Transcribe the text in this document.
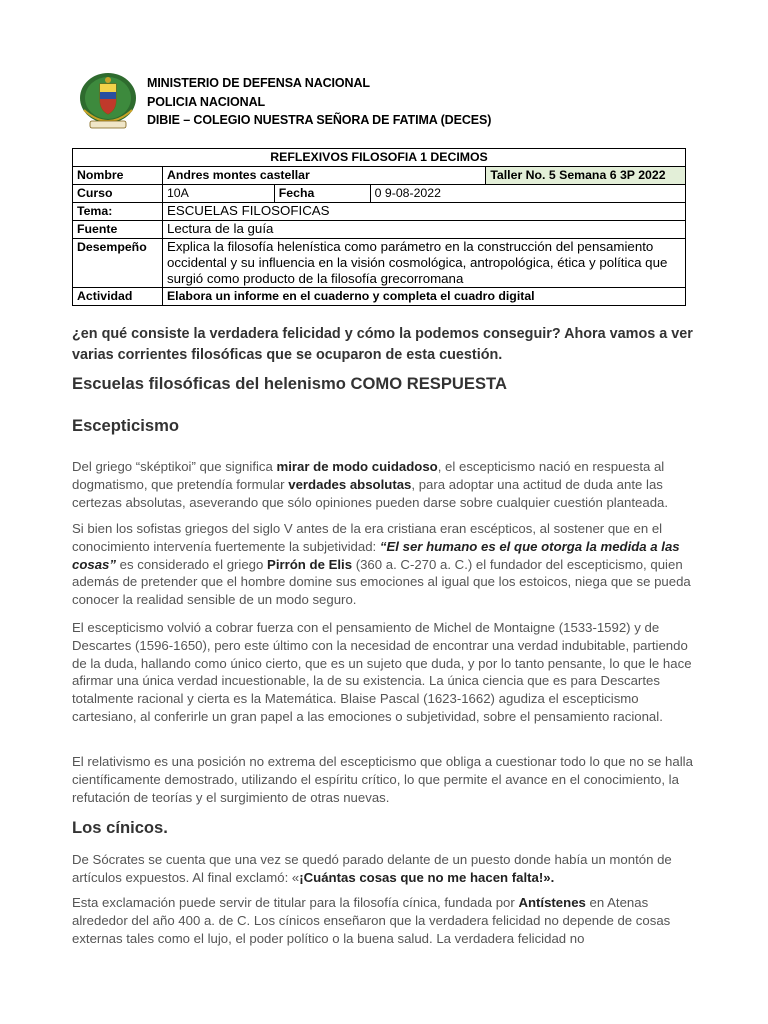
MINISTERIO DE DEFENSA NACIONAL
POLICIA NACIONAL
DIBIE – COLEGIO NUESTRA SEÑORA DE FATIMA (DECES)
REFLEXIVOS FILOSOFIA 1 DECIMOS				
Nombre	Andres montes castellar			Taller No. 5 Semana 6 3P 2022
Curso	10A	Fecha	0 9-08-2022	
Tema:	ESCUELAS FILOSOFICAS			
Fuente	Lectura de la guía			
Desempeño	Explica la filosofía helenística como parámetro en la construcción del pensamiento occidental y su influencia en la visión cosmológica, antropológica, ética y política que surgió como producto de la filosofía grecorromana			
Actividad	Elabora un informe en el cuaderno y completa el cuadro digital			

¿en qué consiste la verdadera felicidad y cómo la podemos conseguir? Ahora vamos a ver varias corrientes filosóficas que se ocuparon de esta cuestión.

Escuelas filosóficas del helenismo COMO RESPUESTA
Escepticismo

Del griego “sképtikoi” que significa mirar de modo cuidadoso, el escepticismo nació en respuesta al dogmatismo, que pretendía formular verdades absolutas, para adoptar una actitud de duda ante las certezas absolutas, aseverando que sólo opiniones pueden darse sobre cualquier cuestión planteada.

Si bien los sofistas griegos del siglo V antes de la era cristiana eran escépticos, al sostener que en el conocimiento intervenía fuertemente la subjetividad: “El ser humano es el que otorga la medida a las cosas” es considerado el griego Pirrón de Elis (360 a. C-270 a. C.) el fundador del escepticismo, quien además de pretender que el hombre domine sus emociones al igual que los estoicos, niega que se pueda conocer la realidad sensible de un modo seguro.

El escepticismo volvió a cobrar fuerza con el pensamiento de Michel de Montaigne (1533-1592) y de Descartes (1596-1650), pero este último con la necesidad de encontrar una verdad indubitable, partiendo de la duda, hallando como único cierto, que es un sujeto que duda, y por lo tanto pensante, lo que le hace afirmar una única verdad incuestionable, la de su existencia. La única ciencia que es para Descartes totalmente racional y cierta es la Matemática. Blaise Pascal (1623-1662) agudiza el escepticismo cartesiano, al conferirle un gran papel a las emociones o subjetividad, sobre el pensamiento racional.

El relativismo es una posición no extrema del escepticismo que obliga a cuestionar todo lo que no se halla científicamente demostrado, utilizando el espíritu crítico, lo que permite el avance en el conocimiento, la refutación de teorías y el surgimiento de otras nuevas.

Los cínicos.

De Sócrates se cuenta que una vez se quedó parado delante de un puesto donde había un montón de artículos expuestos. Al final exclamó: «¡Cuántas cosas que no me hacen falta!».

Esta exclamación puede servir de titular para la filosofía cínica, fundada por Antístenes en Atenas alrededor del año 400 a. de C. Los cínicos enseñaron que la verdadera felicidad no depende de cosas externas tales como el lujo, el poder político o la buena salud. La verdadera felicidad no
